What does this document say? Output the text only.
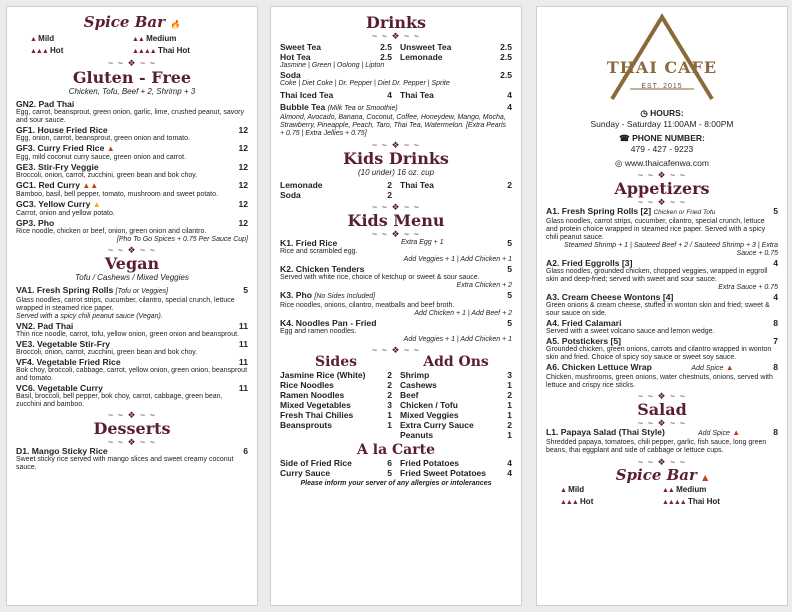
Spice Bar 🔥
▲ Mild	▲▲ Medium
▲▲▲ Hot	▲▲▲▲ Thai Hot
~ ~ ❖ ~ ~
Gluten - Free
Chicken, Tofu, Beef + 2, Shrimp + 3
GN2. Pad Thai
Egg, carrot, beansprout, green onion, garlic, lime, crushed peanut, savory and sour sauce.
GF1. House Fried Rice	12
Egg, onion, carrot, beansprout, green onion and tomato.
GF3. Curry Fried Rice ▲	12
Egg, mild coconut curry sauce, green onion and carrot.
GE3. Stir-Fry Veggie	12
Broccoli, onion, carrot, zucchini, green bean and bok choy.
GC1. Red Curry ▲▲	12
Bamboo, basil, bell pepper, tomato, mushroom and sweet potato.
GC3. Yellow Curry ▲	12
Carrot, onion and yellow potato.
GP3. Pho	12
Rice noodle, chicken or beef, onion, green onion and cilantro.
[Pho To Go Spices + 0.75 Per Sauce Cup]
~ ~ ❖ ~ ~
Vegan
Tofu / Cashews / Mixed Veggies
VA1. Fresh Spring Rolls [Tofu or Veggies]	5
Glass noodles, carrot strips, cucumber, cilantro, special crunch, lettuce wrapped in steamed rice paper.
Served with a spicy chili peanut sauce (Vegan).
VN2. Pad Thai	11
Thin rice noodle, carrot, tofu, yellow onion, green onion and beansprout.
VE3. Vegetable Stir-Fry	11
Broccoli, onion, carrot, zucchini, green bean and bok choy.
VF4. Vegetable Fried Rice	11
Bok choy, broccoli, cabbage, carrot, yellow onion, green onion, beansprout and tomato.
VC6. Vegetable Curry	11
Basil, broccoli, bell pepper, bok choy, carrot, cabbage, green bean, zucchini and bamboo.
~ ~ ❖ ~ ~
Desserts
~ ~ ❖ ~ ~
D1. Mango Sticky Rice	6
Sweet sticky rice served with mango slices and sweet creamy coconut sauce.
Drinks
~ ~ ❖ ~ ~
Sweet Tea	2.5
Hot Tea	2.5
Unsweet Tea	2.5
Lemonade	2.5
Jasmine | Green | Oolong | Lipton
Soda	2.5
Coke | Diet Coke | Dr. Pepper | Diet Dr. Pepper | Sprite
Thai Iced Tea	4 Thai Tea	4
Bubble Tea (Milk Tea or Smoothie)	4
Almond, Avocado, Banana, Coconut, Coffee, Honeydew, Mango, Mocha, Strawberry, Pineapple, Peach, Taro, Thai Tea, Watermelon. [Extra Pearls + 0.75 | Extra Jellies + 0.75]
~ ~ ❖ ~ ~
Kids Drinks
(10 under) 16 oz. cup
Lemonade	2
Soda	2
Thai Tea	2
~ ~ ❖ ~ ~
Kids Menu
~ ~ ❖ ~ ~
K1. Fried Rice	Extra Egg + 1	5
Rice and scrambled egg.
Add Veggies + 1 | Add Chicken + 1
K2. Chicken Tenders	5
Served with white rice, choice of ketchup or sweet & sour sauce.
Extra Chicken + 2
K3. Pho [No Sides Included]	5
Rice noodles, onions, cilantro, meatballs and beef broth.
Add Chicken + 1 | Add Beef + 2
K4. Noodles Pan - Fried	5
Egg and ramen noodles.
Add Veggies + 1 | Add Chicken + 1
~ ~ ❖ ~ ~
Sides
Jasmine Rice (White)	2
Rice Noodles	2
Ramen Noodles	2
Mixed Vegetables	3
Fresh Thai Chilies	1
Beansprouts	1
Add Ons
Shrimp	3
Cashews	1
Beef	2
Chicken / Tofu	1
Mixed Veggies	1
Extra Curry Sauce	2
Peanuts	1
A la Carte
Side of Fried Rice	6
Curry Sauce	5
Fried Potatoes	4
Fried Sweet Potatoes	4
Please inform your server of any allergies or intolerances
THAI CAFE
EST. 2015
◷ HOURS:
Sunday - Saturday 11:00AM - 8:00PM
☎ PHONE NUMBER:
479 - 427 - 9223
◎ www.thaicafenwa.com
~ ~ ❖ ~ ~
Appetizers
~ ~ ❖ ~ ~
A1. Fresh Spring Rolls [2] Chicken or Fried Tofu	5
Glass noodles, carrot strips, cucumber, cilantro, special crunch, lettuce and protein choice wrapped in steamed rice paper. Served with a spicy chili peanut sauce.
Steamed Shrimp + 1 | Sauteed Beef + 2 / Sauteed Shrimp + 3 | Extra Sauce + 0.75
A2. Fried Eggrolls [3]	4
Glass noodles, grounded chicken, chopped veggies, wrapped in eggroll skin and deep-fried; served with sweet and sour sauce.
Extra Sauce + 0.75
A3. Cream Cheese Wontons [4]	4
Green onions & cream cheese, stuffed in wonton skin and fried; sweet & sour sauce on side.
A4. Fried Calamari	8
Served with a sweet volcano sauce and lemon wedge.
A5. Potstickers [5]	7
Grounded chicken, green onions, carrots and cilantro wrapped in wonton skin and fried. Choice of spicy soy sauce or sweet soy sauce.
A6. Chicken Lettuce Wrap	Add Spice ▲	8
Chicken, mushrooms, green onions, water chestnuts, onions, served with lettuce and crispy rice sticks.
~ ~ ❖ ~ ~
Salad
~ ~ ❖ ~ ~
L1. Papaya Salad (Thai Style)	Add Spice ▲	8
Shredded papaya, tomatoes, chili pepper, garlic, fish sauce, long green beans, thai eggplant and side of cabbage or lettuce cups.
~ ~ ❖ ~ ~
Spice Bar ▲
▲ Mild	▲▲ Medium
▲▲▲ Hot	▲▲▲▲ Thai Hot
